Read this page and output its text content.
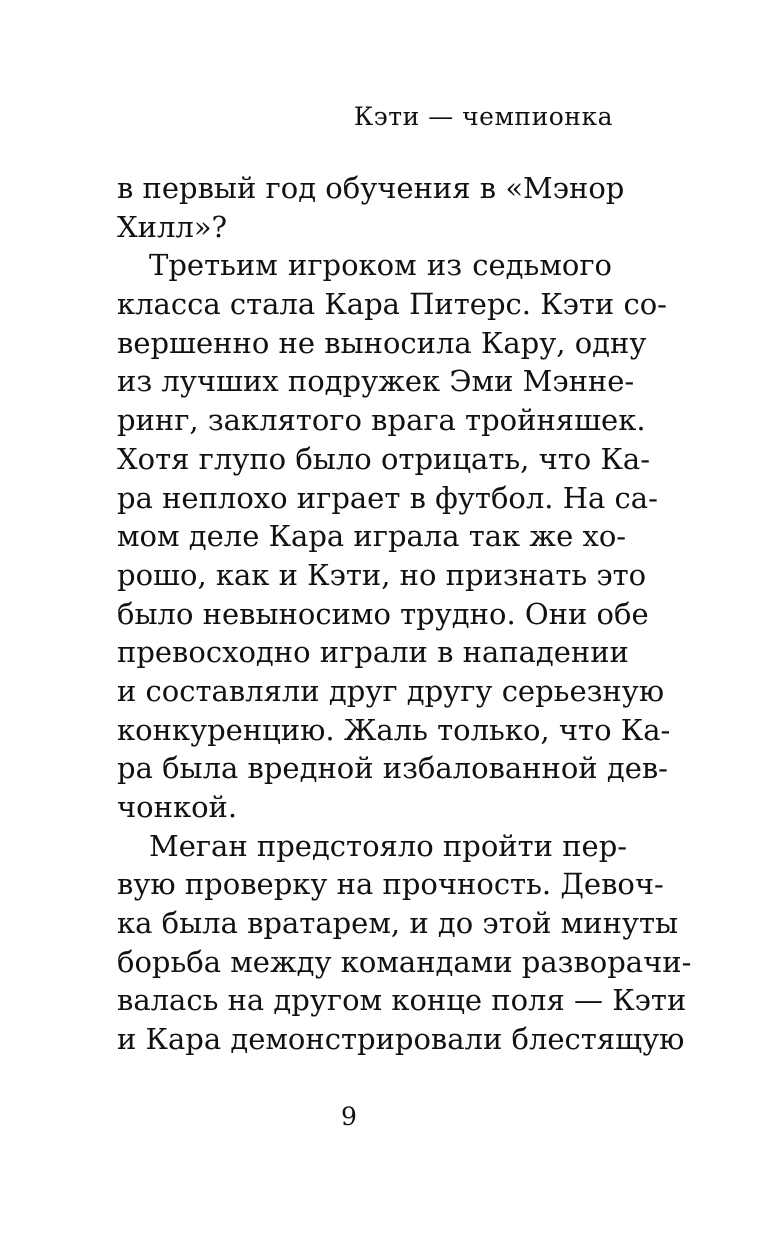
Кэти — чемпионка
в первый год обучения в «Мэнор
Хилл»?
Третьим игроком из седьмого
класса стала Кара Питерс. Кэти со-
вершенно не выносила Кару, одну
из лучших подружек Эми Мэнне-
ринг, заклятого врага тройняшек.
Хотя глупо было отрицать, что Ка-
ра неплохо играет в футбол. На са-
мом деле Кара играла так же хо-
рошо, как и Кэти, но признать это
было невыносимо трудно. Они обе
превосходно играли в нападении
и составляли друг другу серьезную
конкуренцию. Жаль только, что Ка-
ра была вредной избалованной дев-
чонкой.
Меган предстояло пройти пер-
вую проверку на прочность. Девоч-
ка была вратарем, и до этой минуты
борьба между командами разворачи-
валась на другом конце поля — Кэти
и Кара демонстрировали блестящую
9
